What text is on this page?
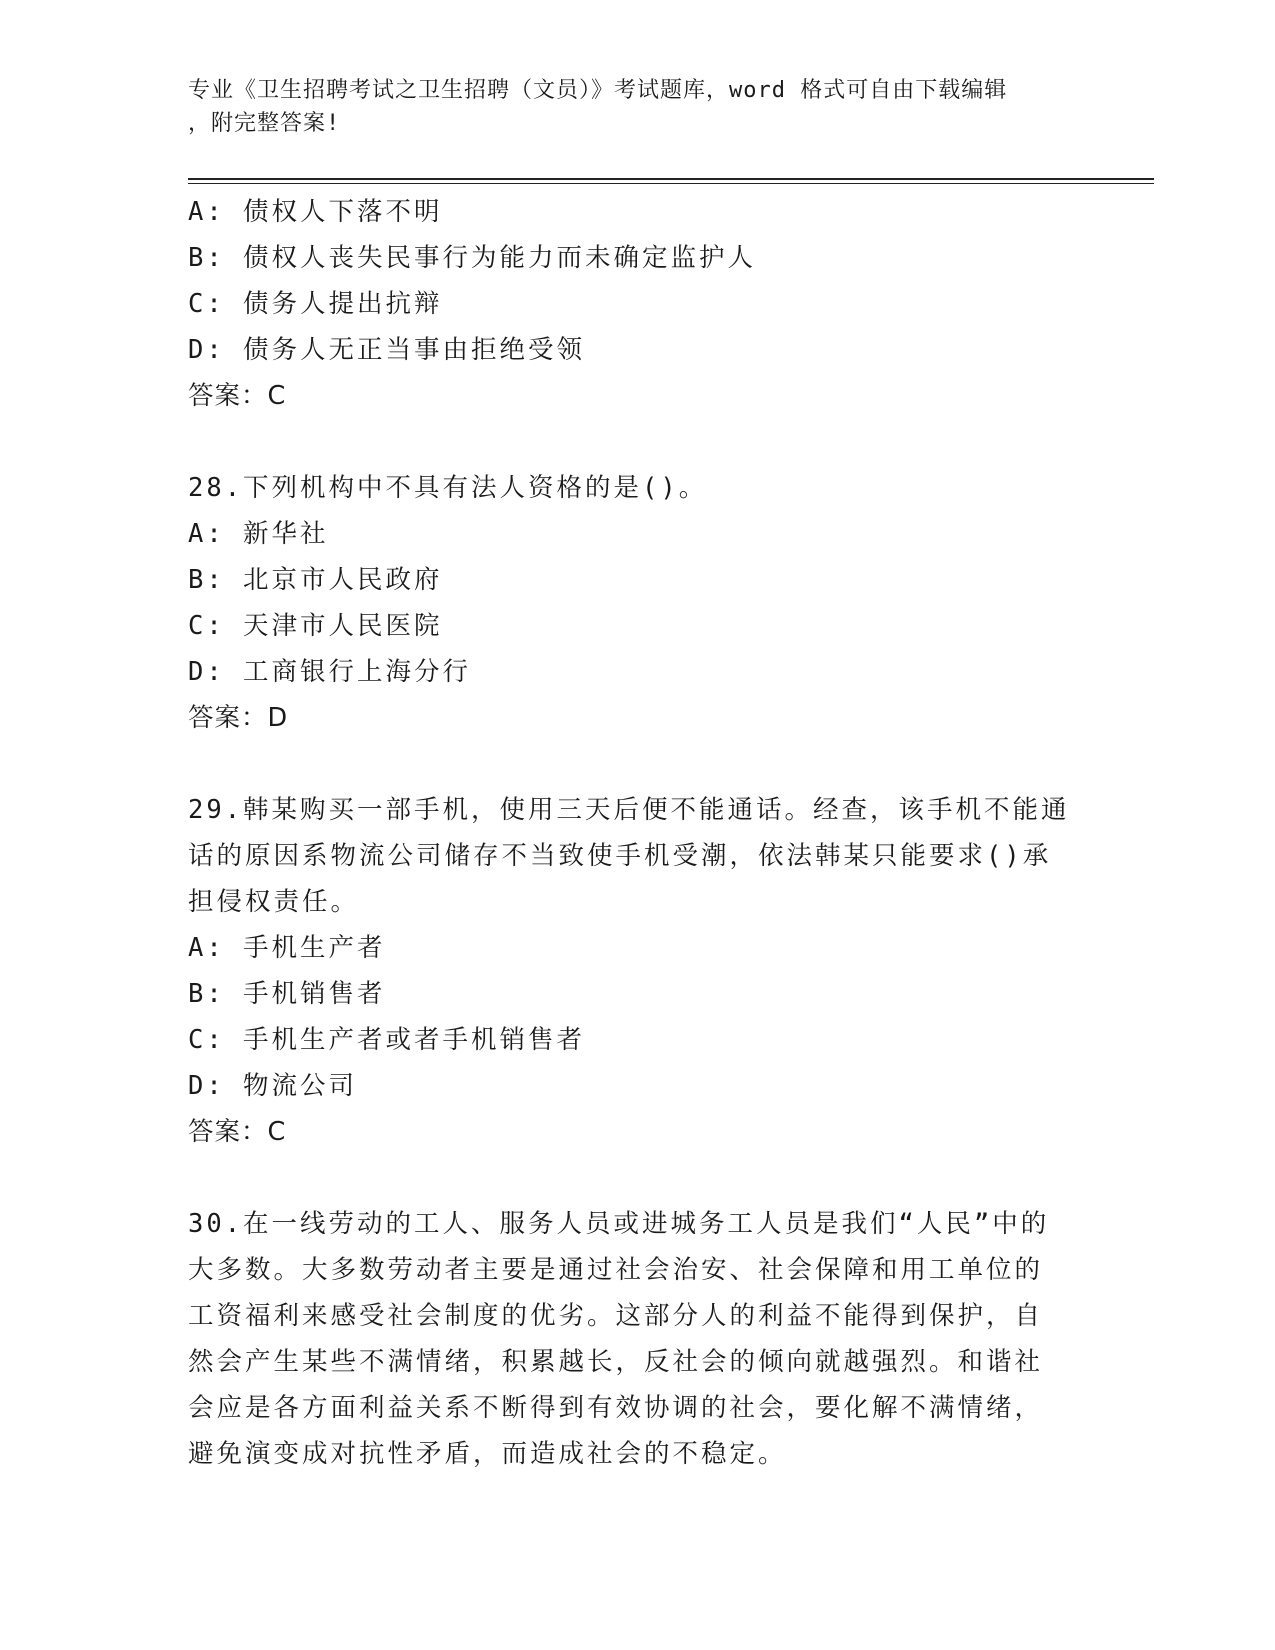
专业《卫生招聘考试之卫生招聘（文员）》考试题库，word 格式可自由下载编辑
，附完整答案!
A: 债权人下落不明
B: 债权人丧失民事行为能力而未确定监护人
C: 债务人提出抗辩
D: 债务人无正当事由拒绝受领
答案：C
28.下列机构中不具有法人资格的是()。
A: 新华社
B: 北京市人民政府
C: 天津市人民医院
D: 工商银行上海分行
答案：D
29.韩某购买一部手机，使用三天后便不能通话。经查，该手机不能通
话的原因系物流公司储存不当致使手机受潮，依法韩某只能要求()承
担侵权责任。
A: 手机生产者
B: 手机销售者
C: 手机生产者或者手机销售者
D: 物流公司
答案：C
30.在一线劳动的工人、服务人员或进城务工人员是我们“人民”中的
大多数。大多数劳动者主要是通过社会治安、社会保障和用工单位的
工资福利来感受社会制度的优劣。这部分人的利益不能得到保护，自
然会产生某些不满情绪，积累越长，反社会的倾向就越强烈。和谐社
会应是各方面利益关系不断得到有效协调的社会，要化解不满情绪，
避免演变成对抗性矛盾，而造成社会的不稳定。
